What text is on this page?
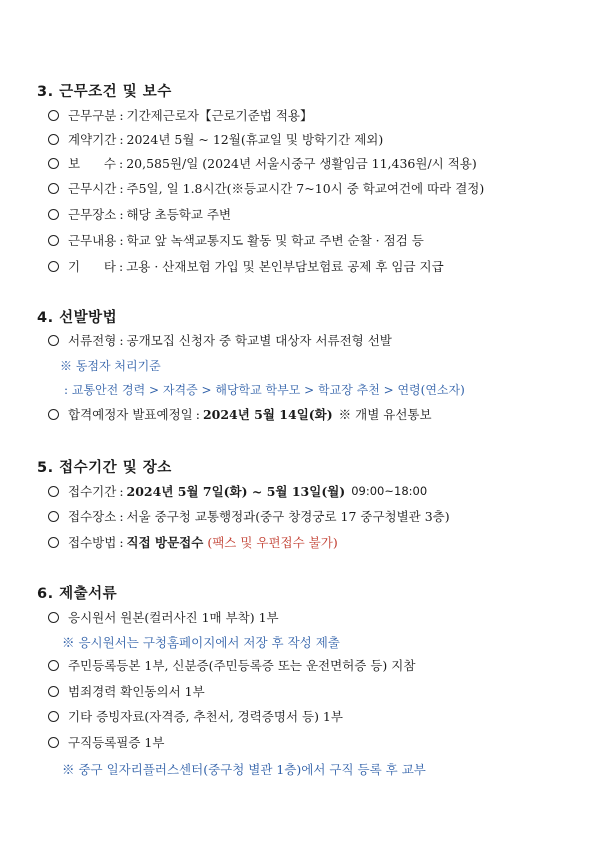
3. 근무조건 및 보수
근무구분 : 기간제근로자【근로기준법 적용】
계약기간 : 2024년 5월 ~ 12월(휴교일 및 방학기간 제외)
보      수 : 20,585원/일 (2024년 서울시중구 생활임금 11,436원/시 적용)
근무시간 : 주5일, 일 1.8시간(※등교시간 7~10시 중 학교여건에 따라 결정)
근무장소 : 해당 초등학교 주변
근무내용 : 학교 앞 녹색교통지도 활동 및 학교 주변 순찰 · 점검 등
기      타 : 고용 · 산재보험 가입 및 본인부담보험료 공제 후 임금 지급
4. 선발방법
서류전형 : 공개모집 신청자 중 학교별 대상자 서류전형 선발
※ 동점자 처리기준
: 교통안전 경력 > 자격증 > 해당학교 학부모 > 학교장 추천 > 연령(연소자)
합격예정자 발표예정일 : 2024년 5월 14일(화) ※ 개별 유선통보
5. 접수기간 및 장소
접수기간 : 2024년 5월 7일(화) ~ 5월 13일(월) 09:00~18:00
접수장소 : 서울 중구청 교통행정과(중구 창경궁로 17 중구청별관 3층)
접수방법 : 직접 방문접수 (팩스 및 우편접수 불가)
6. 제출서류
응시원서 원본(컬러사진 1매 부착) 1부
※ 응시원서는 구청홈페이지에서 저장 후 작성 제출
주민등록등본 1부, 신분증(주민등록증 또는 운전면허증 등) 지참
범죄경력 확인동의서 1부
기타 증빙자료(자격증, 추천서, 경력증명서 등) 1부
구직등록필증 1부
※ 중구 일자리플러스센터(중구청 별관 1층)에서 구직 등록 후 교부
